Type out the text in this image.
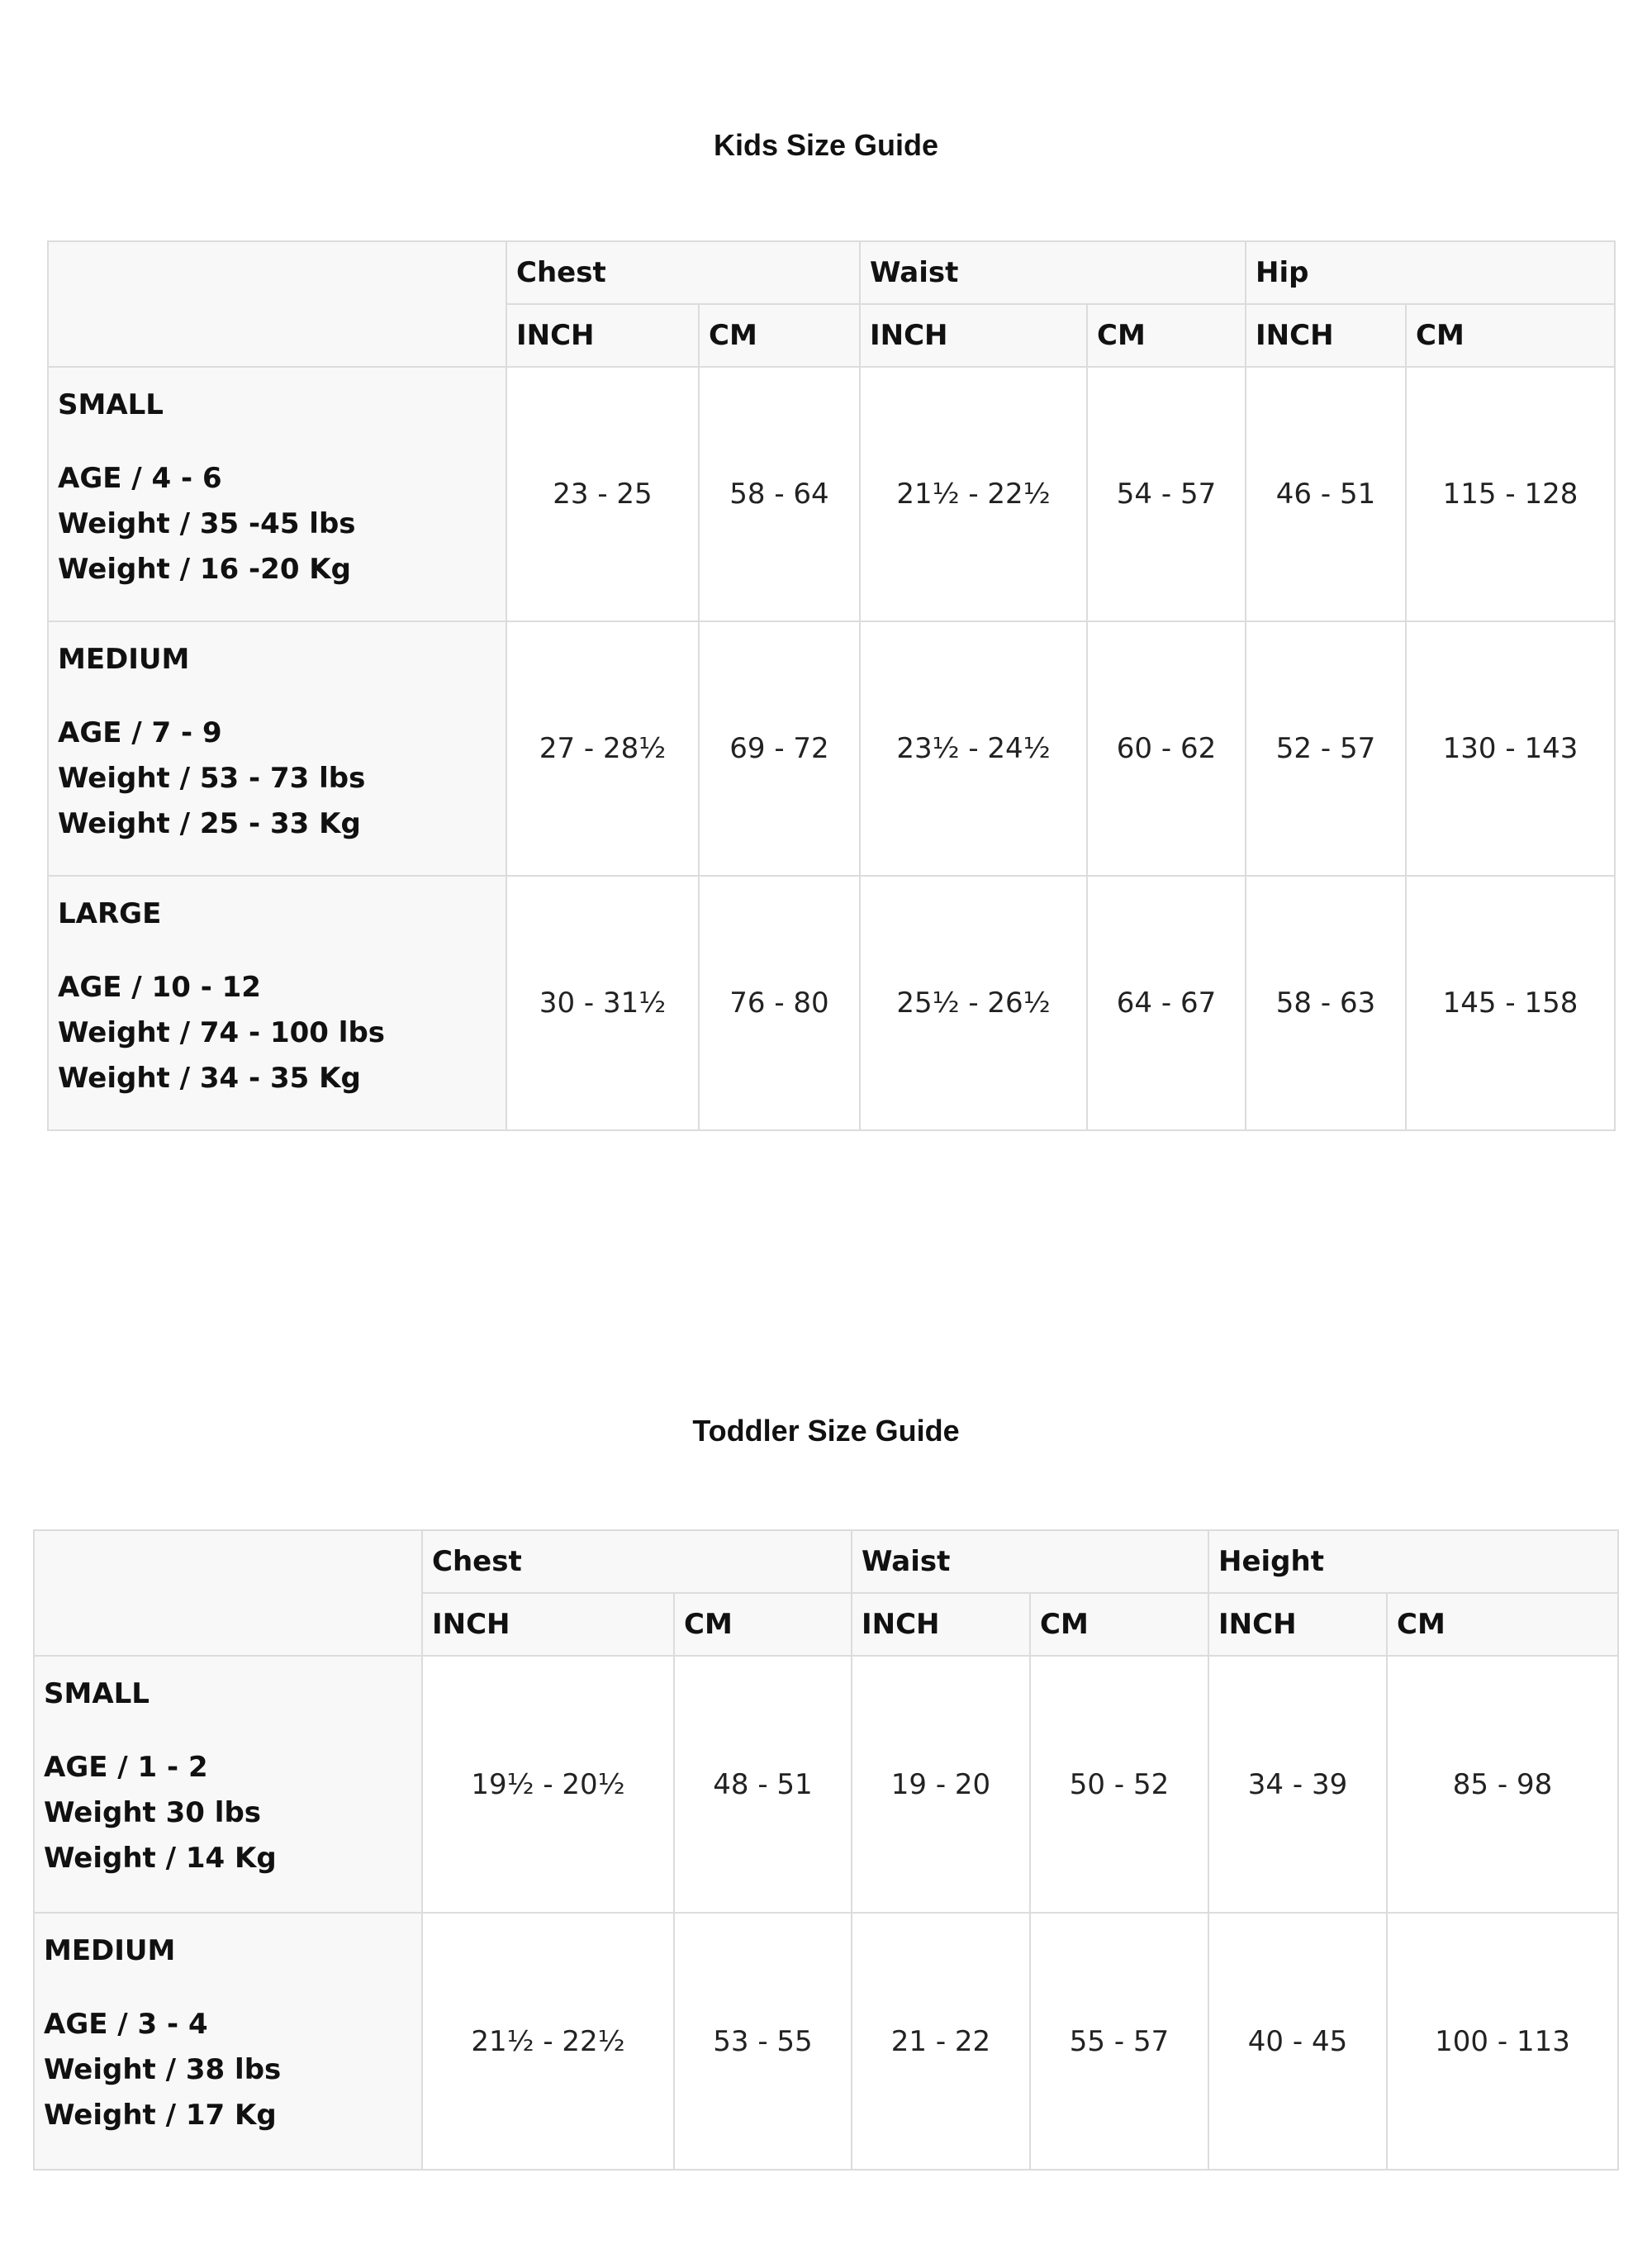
Kids Size Guide
	Chest		Waist		Hip	
	INCH	CM	INCH	CM	INCH	CM

SMALL
AGE / 4 - 6
Weight / 35 -45 lbs
Weight / 16 -20 Kg	23 - 25	58 - 64	21½ - 22½	54 - 57	46 - 51	115 - 128

MEDIUM
AGE / 7 - 9
Weight / 53 - 73 lbs
Weight / 25 - 33 Kg	27 - 28½	69 - 72	23½ - 24½	60 - 62	52 - 57	130 - 143

LARGE
AGE / 10 - 12
Weight / 74 - 100 lbs
Weight / 34 - 35 Kg	30 - 31½	76 - 80	25½ - 26½	64 - 67	58 - 63	145 - 158
Toddler Size Guide
	Chest		Waist		Height	
	INCH	CM	INCH	CM	INCH	CM

SMALL
AGE / 1 - 2
Weight 30 lbs
Weight / 14 Kg	19½ - 20½	48 - 51	19 - 20	50 - 52	34 - 39	85 - 98

MEDIUM
AGE / 3 - 4
Weight / 38 lbs
Weight / 17 Kg	21½ - 22½	53 - 55	21 - 22	55 - 57	40 - 45	100 - 113
